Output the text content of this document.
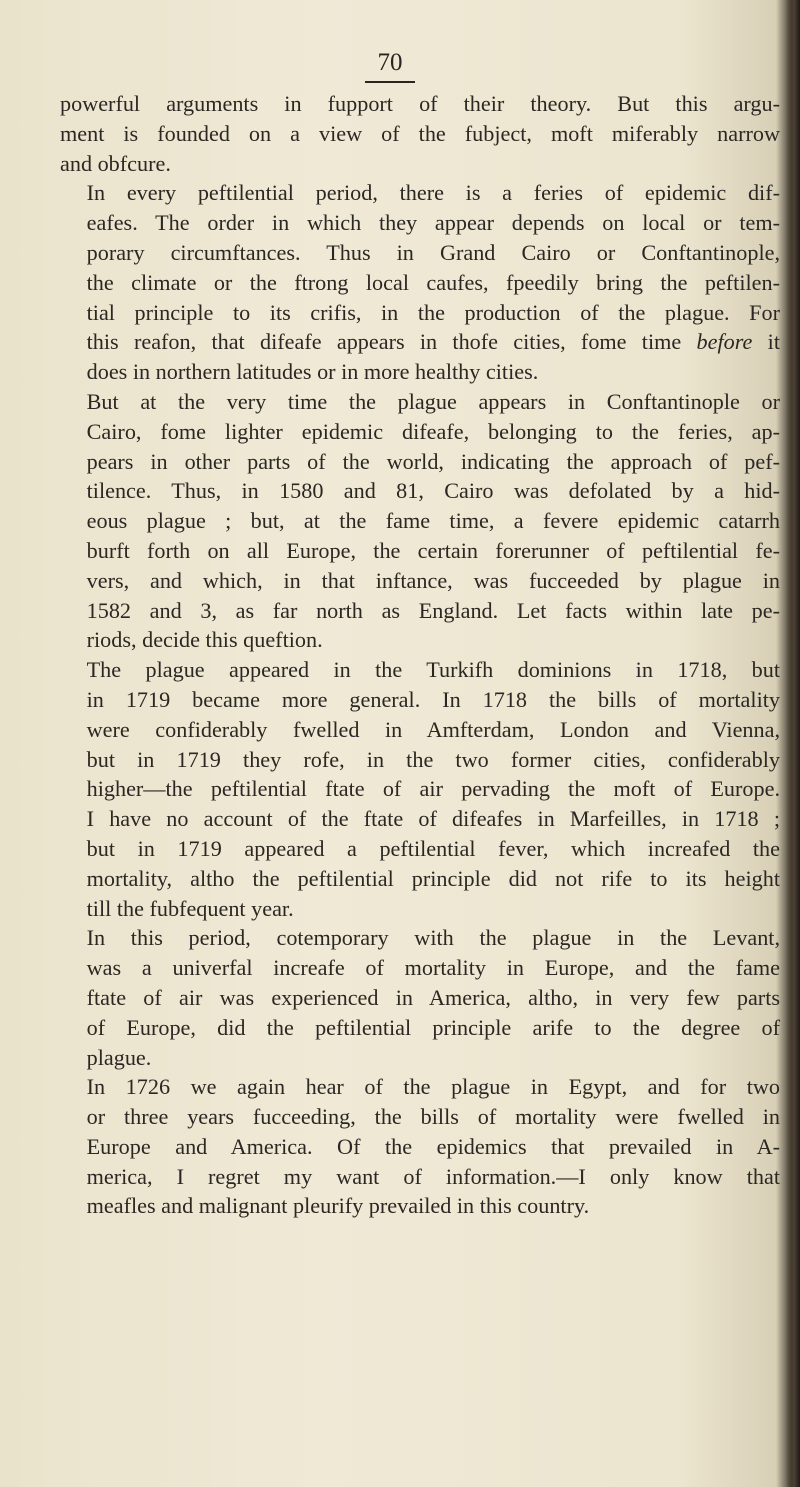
70

powerful arguments in fupport of their theory. But this argu-
ment is founded on a view of the fubject, moft miferably narrow
and obfcure.

In every peftilential period, there is a feries of epidemic dif-
eafes. The order in which they appear depends on local or tem-
porary circumftances. Thus in Grand Cairo or Conftantinople,
the climate or the ftrong local caufes, fpeedily bring the peftilen-
tial principle to its crifis, in the production of the plague. For
this reafon, that difeafe appears in thofe cities, fome time before it
does in northern latitudes or in more healthy cities.

But at the very time the plague appears in Conftantinople or
Cairo, fome lighter epidemic difeafe, belonging to the feries, ap-
pears in other parts of the world, indicating the approach of pef-
tilence. Thus, in 1580 and 81, Cairo was defolated by a hid-
eous plague ; but, at the fame time, a fevere epidemic catarrh
burft forth on all Europe, the certain forerunner of peftilential fe-
vers, and which, in that inftance, was fucceeded by plague in
1582 and 3, as far north as England. Let facts within late pe-
riods, decide this queftion.

The plague appeared in the Turkifh dominions in 1718, but
in 1719 became more general. In 1718 the bills of mortality
were confiderably fwelled in Amfterdam, London and Vienna,
but in 1719 they rofe, in the two former cities, confiderably
higher—the peftilential ftate of air pervading the moft of Europe.
I have no account of the ftate of difeafes in Marfeilles, in 1718 ;
but in 1719 appeared a peftilential fever, which increafed the
mortality, altho the peftilential principle did not rife to its height
till the fubfequent year.

In this period, cotemporary with the plague in the Levant,
was a univerfal increafe of mortality in Europe, and the fame
ftate of air was experienced in America, altho, in very few parts
of Europe, did the peftilential principle arife to the degree of
plague.

In 1726 we again hear of the plague in Egypt, and for two
or three years fucceeding, the bills of mortality were fwelled in
Europe and America. Of the epidemics that prevailed in A-
merica, I regret my want of information.—I only know that
meafles and malignant pleurify prevailed in this country.
